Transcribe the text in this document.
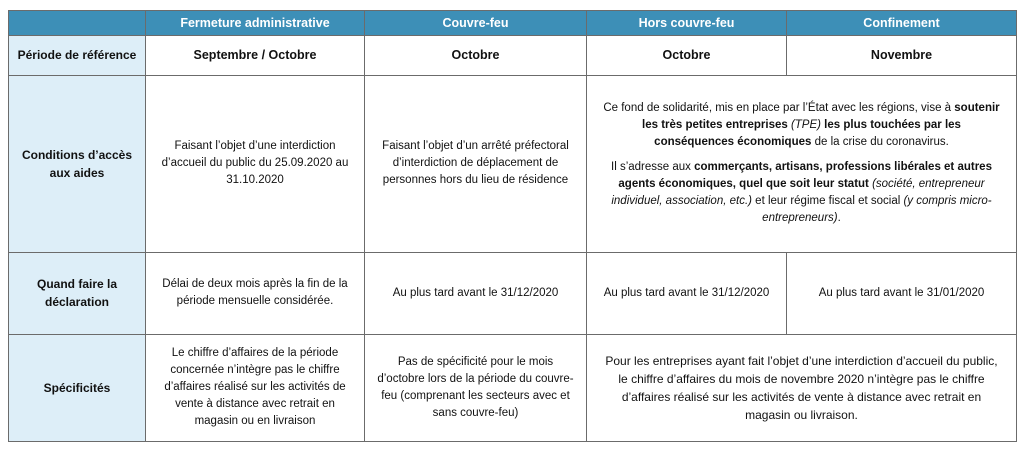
	Fermeture administrative	Couvre-feu	Hors couvre-feu	Confinement
Période de référence	Septembre / Octobre	Octobre	Octobre	Novembre
Conditions d’accès aux aides	Faisant l’objet d’une interdiction d’accueil du public du 25.09.2020 au 31.10.2020	Faisant l’objet d’un arrêté préfectoral d’interdiction de déplacement de personnes hors du lieu de résidence	Ce fond de solidarité, mis en place par l’État avec les régions, vise à soutenir les très petites entreprises (TPE) les plus touchées par les conséquences économiques de la crise du coronavirus.

Il s’adresse aux commerçants, artisans, professions libérales et autres agents économiques, quel que soit leur statut (société, entrepreneur individuel, association, etc.) et leur régime fiscal et social (y compris micro-entrepreneurs).	

Quand faire la déclaration	Délai de deux mois après la fin de la période mensuelle considérée.	Au plus tard avant le 31/12/2020	Au plus tard avant le 31/12/2020	Au plus tard avant le 31/01/2020
Spécificités	Le chiffre d’affaires de la période concernée n’intègre pas le chiffre d’affaires réalisé sur les activités de vente à distance avec retrait en magasin ou en livraison	Pas de spécificité pour le mois d’octobre lors de la période du couvre-feu (comprenant les secteurs avec et sans couvre-feu)	Pour les entreprises ayant fait l’objet d’une interdiction d’accueil du public, le chiffre d’affaires du mois de novembre 2020 n’intègre pas le chiffre d’affaires réalisé sur les activités de vente à distance avec retrait en magasin ou livraison.	
